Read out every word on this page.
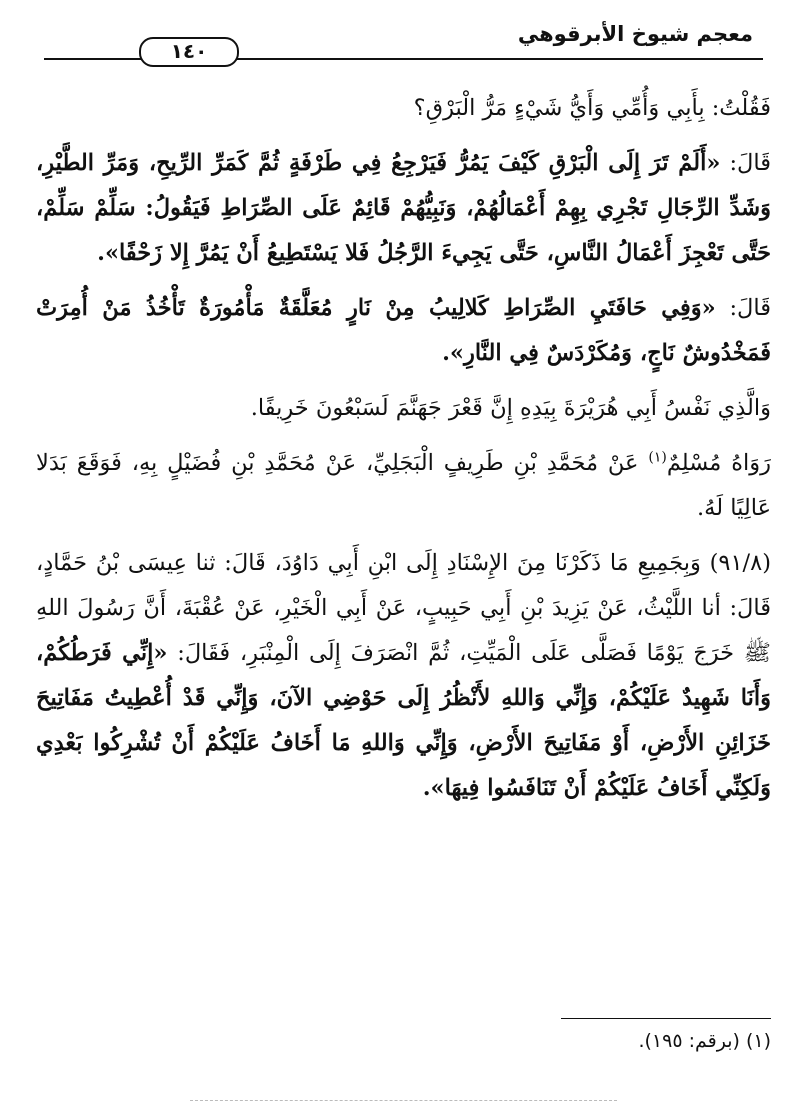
معجم شيوخ الأبرقوهي
١٤٠

فَقُلْتُ: بِأَبِي وَأُمِّي وَأَيُّ شَيْءٍ مَرُّ الْبَرْقِ؟

قَالَ: «أَلَمْ تَرَ إِلَى الْبَرْقِ كَيْفَ يَمُرُّ فَيَرْجِعُ فِي طَرْفَةٍ ثُمَّ كَمَرِّ الرِّيحِ، وَمَرِّ الطَّيْرِ، وَشَدِّ الرِّجَالِ تَجْرِي بِهِمْ أَعْمَالُهُمْ، وَنَبِيُّهُمْ قَائِمٌ عَلَى الصِّرَاطِ فَيَقُولُ: سَلِّمْ سَلِّمْ، حَتَّى تَعْجِزَ أَعْمَالُ النَّاسِ، حَتَّى يَجِيءَ الرَّجُلُ فَلا يَسْتَطِيعُ أَنْ يَمُرَّ إِلا زَحْفًا».

قَالَ: «وَفِي حَافَتَيِ الصِّرَاطِ كَلالِيبُ مِنْ نَارٍ مُعَلَّقَةٌ مَأْمُورَةٌ تَأْخُذُ مَنْ أُمِرَتْ فَمَخْدُوشٌ نَاجٍ، وَمُكَرْدَسٌ فِي النَّارِ».

وَالَّذِي نَفْسُ أَبِي هُرَيْرَةَ بِيَدِهِ إِنَّ قَعْرَ جَهَنَّمَ لَسَبْعُونَ خَرِيفًا.

رَوَاهُ مُسْلِمٌ$^{(١)}$ عَنْ مُحَمَّدِ بْنِ طَرِيفٍ الْبَجَلِيِّ، عَنْ مُحَمَّدِ بْنِ فُضَيْلٍ بِهِ، فَوَقَعَ بَدَلا عَالِيًا لَهُ.

(٩١/٨) وَبِجَمِيعِ مَا ذَكَرْنَا مِنَ الإِسْنَادِ إِلَى ابْنِ أَبِي دَاوُدَ، قَالَ: ثنا عِيسَى بْنُ حَمَّادٍ، قَالَ: أنا اللَّيْثُ، عَنْ يَزِيدَ بْنِ أَبِي حَبِيبٍ، عَنْ أَبِي الْخَيْرِ، عَنْ عُقْبَةَ، أَنَّ رَسُولَ اللهِ ﷺ خَرَجَ يَوْمًا فَصَلَّى عَلَى الْمَيِّتِ، ثُمَّ انْصَرَفَ إِلَى الْمِنْبَرِ، فَقَالَ: «إِنِّي فَرَطُكُمْ، وَأَنَا شَهِيدٌ عَلَيْكُمْ، وَإِنِّي وَاللهِ لأَنْظُرُ إِلَى حَوْضِي الآنَ، وَإِنِّي قَدْ أُعْطِيتُ مَفَاتِيحَ خَزَائِنِ الأَرْضِ، أَوْ مَفَاتِيحَ الأَرْضِ، وَإِنِّي وَاللهِ مَا أَخَافُ عَلَيْكُمْ أَنْ تُشْرِكُوا بَعْدِي وَلَكِنِّي أَخَافُ عَلَيْكُمْ أَنْ تَنَافَسُوا فِيهَا».

(١) (برقم: ١٩٥).
